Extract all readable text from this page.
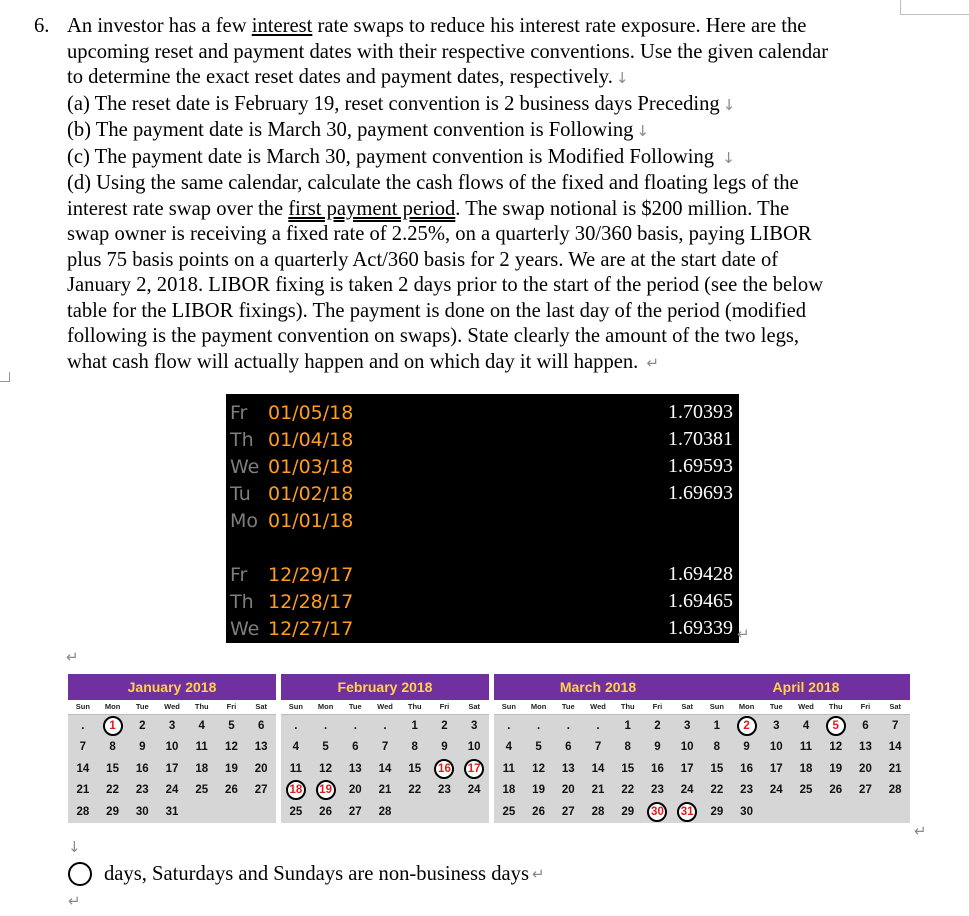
6. An investor has a few interest rate swaps to reduce his interest rate exposure. Here are the
upcoming reset and payment dates with their respective conventions. Use the given calendar
to determine the exact reset dates and payment dates, respectively. ↓
(a) The reset date is February 19, reset convention is 2 business days Preceding ↓
(b) The payment date is March 30, payment convention is Following ↓
(c) The payment date is March 30, payment convention is Modified Following ↓
(d) Using the same calendar, calculate the cash flows of the fixed and floating legs of the
interest rate swap over the first payment period. The swap notional is $200 million. The
swap owner is receiving a fixed rate of 2.25%, on a quarterly 30/360 basis, paying LIBOR
plus 75 basis points on a quarterly Act/360 basis for 2 years. We are at the start date of
January 2, 2018. LIBOR fixing is taken 2 days prior to the start of the period (see the below
table for the LIBOR fixings). The payment is done on the last day of the period (modified
following is the payment convention on swaps). State clearly the amount of the two legs,
what cash flow will actually happen and on which day it will happen. ↵
Fr 01/05/18	1.70393
Th 01/04/18	1.70381
We 01/03/18	1.69593
Tu 01/02/18	1.69693
Mo 01/01/18
Fr 12/29/17	1.69428
Th 12/28/17	1.69465
We 12/27/17	1.69339 ↵
↵
January 2018
Sun	Mon	Tue	Wed	Thu	Fri	Sat
.	1	2	3	4	5	6
7	8	9	10	11	12	13
14	15	16	17	18	19	20
21	22	23	24	25	26	27
28	29	30	31
February 2018
Sun	Mon	Tue	Wed	Thu	Fri	Sat
.	.	.	.	1	2	3
4	5	6	7	8	9	10
11	12	13	14	15	16	17
18	19	20	21	22	23	24
25	26	27	28
March 2018
Sun	Mon	Tue	Wed	Thu	Fri	Sat
.	.	.	.	1	2	3
4	5	6	7	8	9	10
11	12	13	14	15	16	17
18	19	20	21	22	23	24
25	26	27	28	29	30	31
April 2018
Sun	Mon	Tue	Wed	Thu	Fri	Sat
1	2	3	4	5	6	7
8	9	10	11	12	13	14
15	16	17	18	19	20	21
22	23	24	25	26	27	28
29	30
↵
↓
days, Saturdays and Sundays are non-business days ↵
↵
